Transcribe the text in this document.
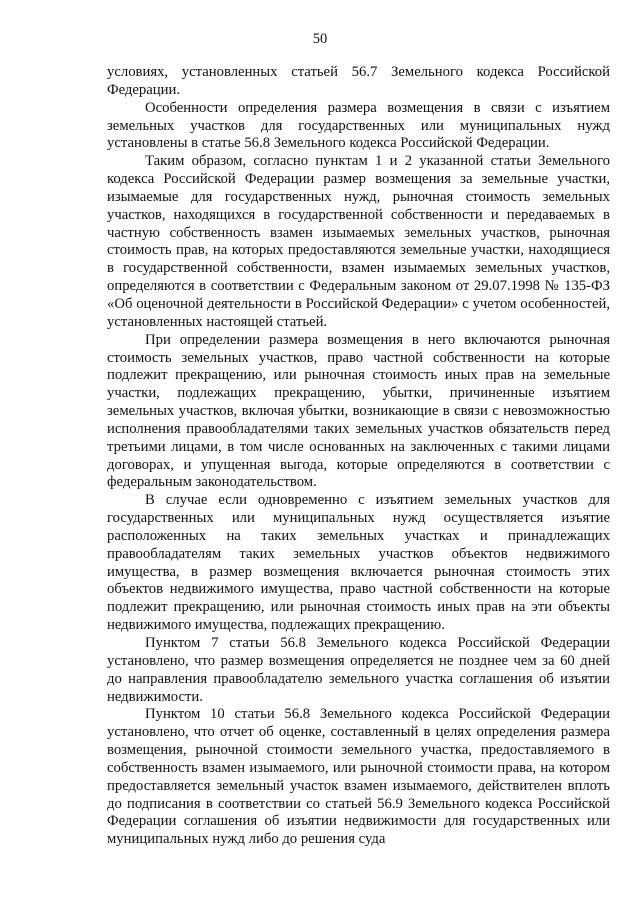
50

условиях, установленных статьей 56.7 Земельного кодекса Российской Федерации.

Особенности определения размера возмещения в связи с изъятием земельных участков для государственных или муниципальных нужд установлены в статье 56.8 Земельного кодекса Российской Федерации.

Таким образом, согласно пунктам 1 и 2 указанной статьи Земельного кодекса Российской Федерации размер возмещения за земельные участки, изымаемые для государственных нужд, рыночная стоимость земельных участков, находящихся в государственной собственности и передаваемых в частную собственность взамен изымаемых земельных участков, рыночная стоимость прав, на которых предоставляются земельные участки, находящиеся в государственной собственности, взамен изымаемых земельных участков, определяются в соответствии с Федеральным законом от 29.07.1998 № 135-ФЗ «Об оценочной деятельности в Российской Федерации» с учетом особенностей, установленных настоящей статьей.

При определении размера возмещения в него включаются рыночная стоимость земельных участков, право частной собственности на которые подлежит прекращению, или рыночная стоимость иных прав на земельные участки, подлежащих прекращению, убытки, причиненные изъятием земельных участков, включая убытки, возникающие в связи с невозможностью исполнения правообладателями таких земельных участков обязательств перед третьими лицами, в том числе основанных на заключенных с такими лицами договорах, и упущенная выгода, которые определяются в соответствии с федеральным законодательством.

В случае если одновременно с изъятием земельных участков для государственных или муниципальных нужд осуществляется изъятие расположенных на таких земельных участках и принадлежащих правообладателям таких земельных участков объектов недвижимого имущества, в размер возмещения включается рыночная стоимость этих объектов недвижимого имущества, право частной собственности на которые подлежит прекращению, или рыночная стоимость иных прав на эти объекты недвижимого имущества, подлежащих прекращению.

Пунктом 7 статьи 56.8 Земельного кодекса Российской Федерации установлено, что размер возмещения определяется не позднее чем за 60 дней до направления правообладателю земельного участка соглашения об изъятии недвижимости.

Пунктом 10 статьи 56.8 Земельного кодекса Российской Федерации установлено, что отчет об оценке, составленный в целях определения размера возмещения, рыночной стоимости земельного участка, предоставляемого в собственность взамен изымаемого, или рыночной стоимости права, на котором предоставляется земельный участок взамен изымаемого, действителен вплоть до подписания в соответствии со статьей 56.9 Земельного кодекса Российской Федерации соглашения об изъятии недвижимости для государственных или муниципальных нужд либо до решения суда
